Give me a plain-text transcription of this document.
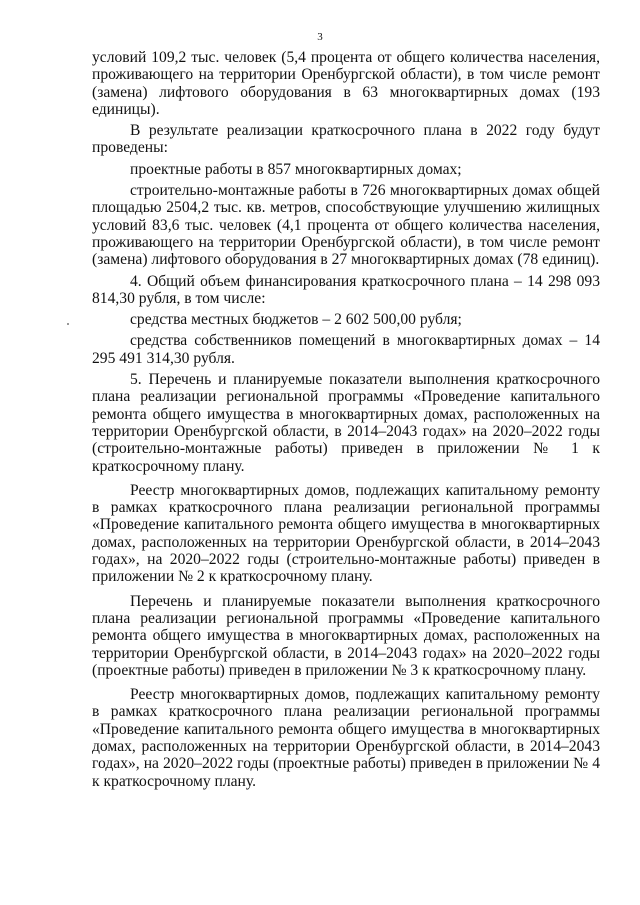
3

условий 109,2 тыс. человек (5,4 процента от общего количества населения, проживающего на территории Оренбургской области), в том числе ремонт (замена) лифтового оборудования в 63 многоквартирных домах (193 единицы).

В результате реализации краткосрочного плана в 2022 году будут проведены:

проектные работы в 857 многоквартирных домах;

строительно-монтажные работы в 726 многоквартирных домах общей площадью 2504,2 тыс. кв. метров, способствующие улучшению жилищных условий 83,6 тыс. человек (4,1 процента от общего количества населения, проживающего на территории Оренбургской области), в том числе ремонт (замена) лифтового оборудования в 27 многоквартирных домах (78 единиц).

4. Общий объем финансирования краткосрочного плана – 14 298 093 814,30 рубля, в том числе:

средства местных бюджетов – 2 602 500,00 рубля;

средства собственников помещений в многоквартирных домах – 14 295 491 314,30 рубля.

5. Перечень и планируемые показатели выполнения краткосрочного плана реализации региональной программы «Проведение капитального ремонта общего имущества в многоквартирных домах, расположенных на территории Оренбургской области, в 2014–2043 годах» на 2020–2022 годы (строительно-монтажные работы) приведен в приложении № 1 к краткосрочному плану.

Реестр многоквартирных домов, подлежащих капитальному ремонту в рамках краткосрочного плана реализации региональной программы «Проведение капитального ремонта общего имущества в многоквартирных домах, расположенных на территории Оренбургской области, в 2014–2043 годах», на 2020–2022 годы (строительно-монтажные работы) приведен в приложении № 2 к краткосрочному плану.

Перечень и планируемые показатели выполнения краткосрочного плана реализации региональной программы «Проведение капитального ремонта общего имущества в многоквартирных домах, расположенных на территории Оренбургской области, в 2014–2043 годах» на 2020–2022 годы (проектные работы) приведен в приложении № 3 к краткосрочному плану.

Реестр многоквартирных домов, подлежащих капитальному ремонту в рамках краткосрочного плана реализации региональной программы «Проведение капитального ремонта общего имущества в многоквартирных домах, расположенных на территории Оренбургской области, в 2014–2043 годах», на 2020–2022 годы (проектные работы) приведен в приложении № 4 к краткосрочному плану.
